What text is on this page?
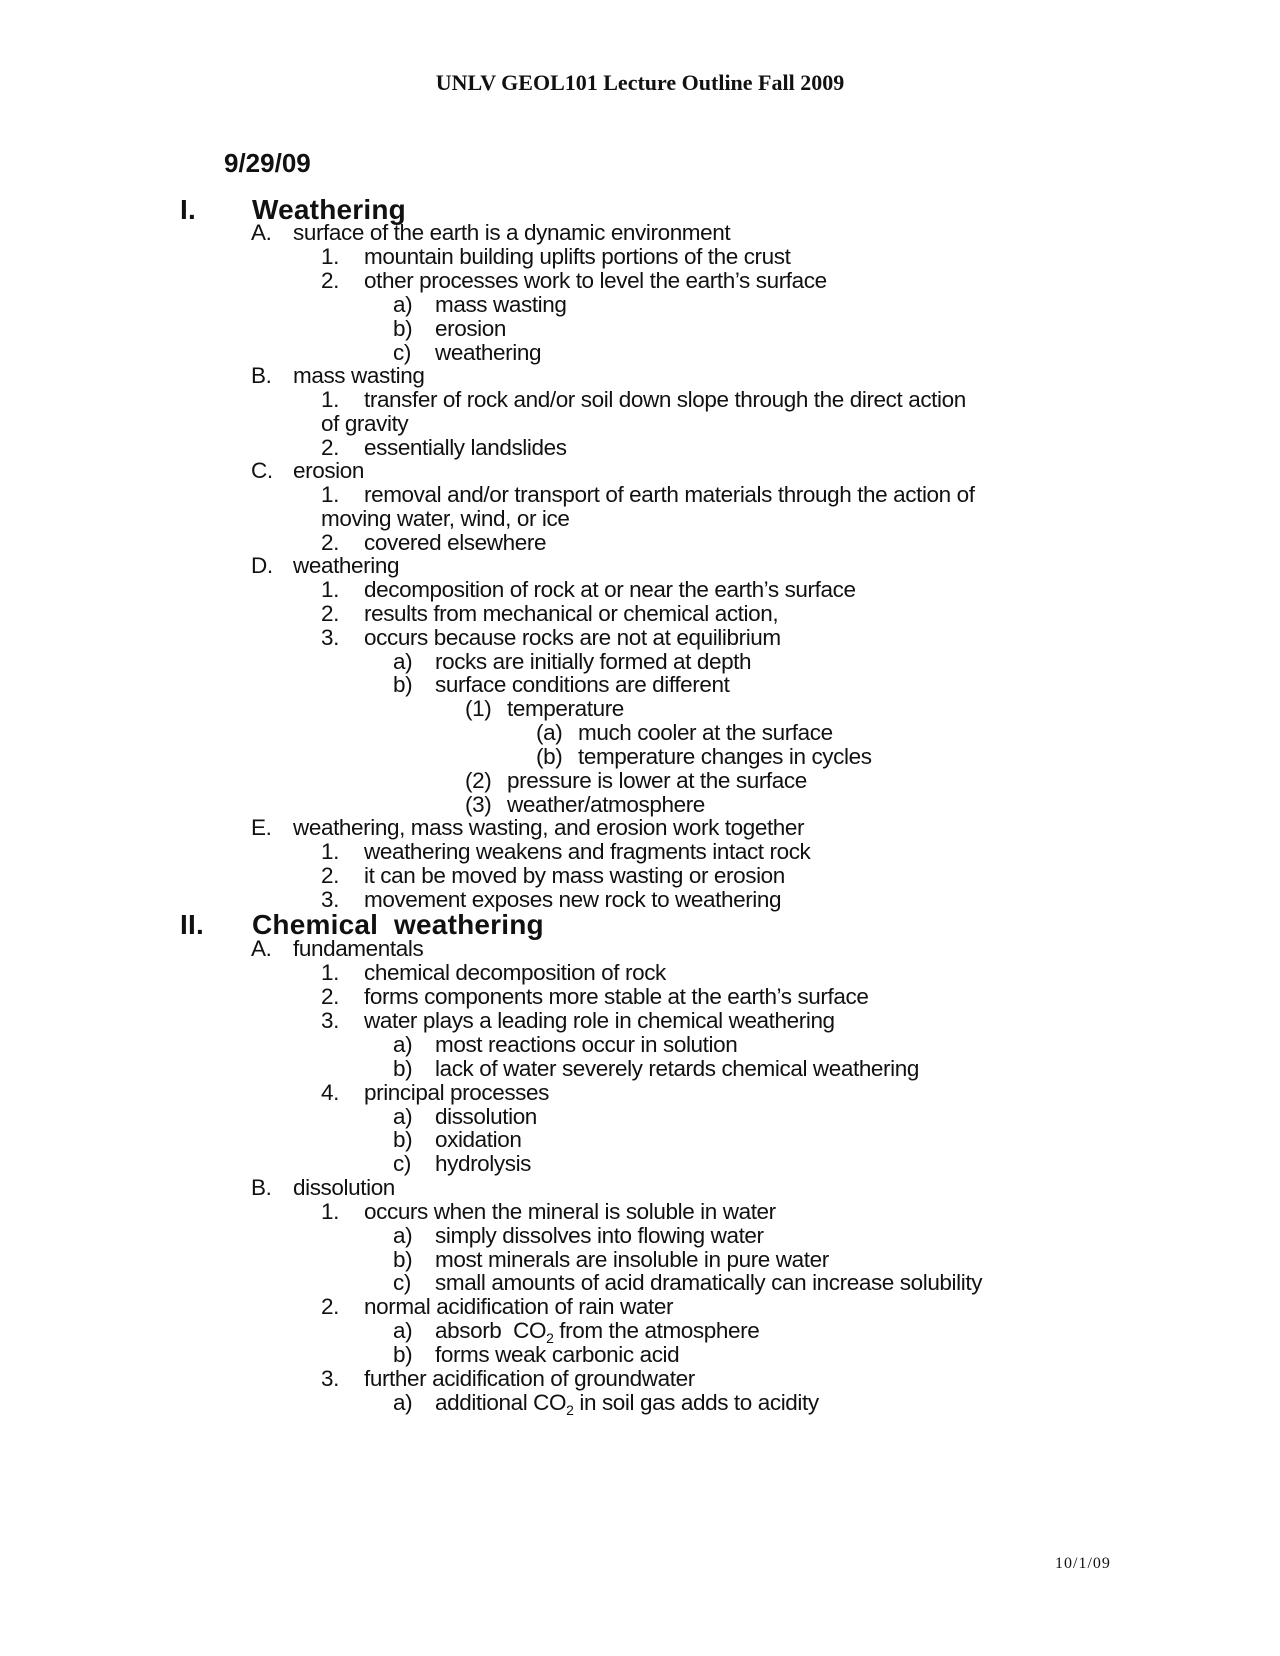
UNLV GEOL101 Lecture Outline Fall 2009
9/29/09
I. Weathering
A. surface of the earth is a dynamic environment
1. mountain building uplifts portions of the crust
2. other processes work to level the earth’s surface
a) mass wasting
b) erosion
c) weathering
B. mass wasting
1. transfer of rock and/or soil down slope through the direct action
of gravity
2. essentially landslides
C. erosion
1. removal and/or transport of earth materials through the action of
moving water, wind, or ice
2. covered elsewhere
D. weathering
1. decomposition of rock at or near the earth’s surface
2. results from mechanical or chemical action,
3. occurs because rocks are not at equilibrium
a) rocks are initially formed at depth
b) surface conditions are different
(1) temperature
(a) much cooler at the surface
(b) temperature changes in cycles
(2) pressure is lower at the surface
(3) weather/atmosphere
E. weathering, mass wasting, and erosion work together
1. weathering weakens and fragments intact rock
2. it can be moved by mass wasting or erosion
3. movement exposes new rock to weathering
II. Chemical  weathering
A. fundamentals
1. chemical decomposition of rock
2. forms components more stable at the earth’s surface
3. water plays a leading role in chemical weathering
a) most reactions occur in solution
b) lack of water severely retards chemical weathering
4. principal processes
a) dissolution
b) oxidation
c) hydrolysis
B. dissolution
1. occurs when the mineral is soluble in water
a) simply dissolves into flowing water
b) most minerals are insoluble in pure water
c) small amounts of acid dramatically can increase solubility
2. normal acidification of rain water
a) absorb  $CO_2$ from the atmosphere
b) forms weak carbonic acid
3. further acidification of groundwater
a) additional $CO_2$ in soil gas adds to acidity
10/1/09
